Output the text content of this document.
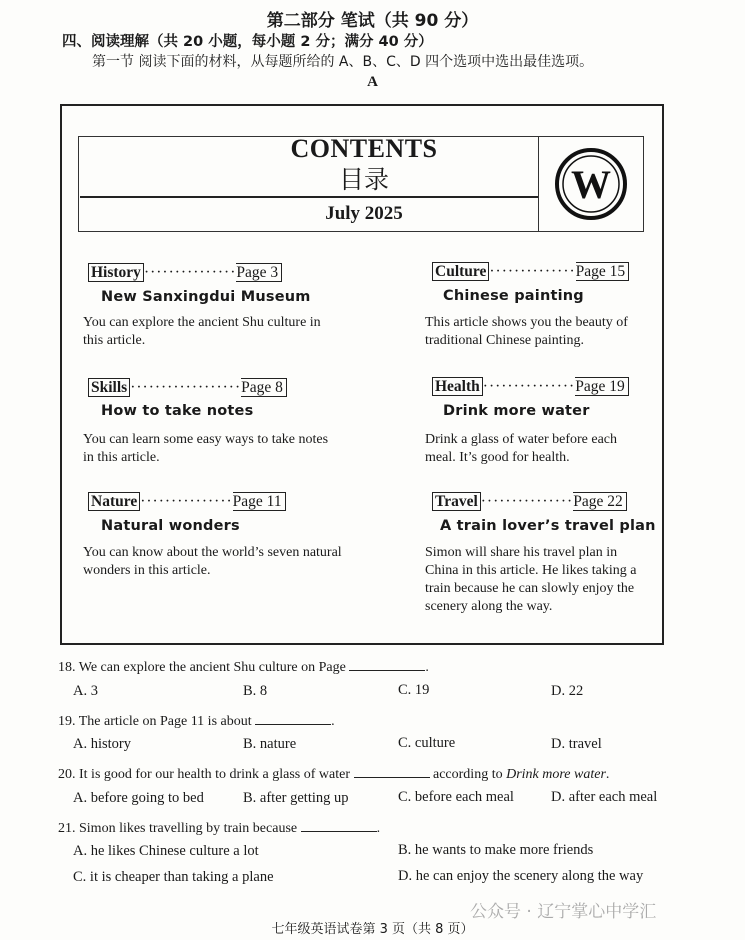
第二部分 笔试（共 90 分）
四、阅读理解（共 20 小题，每小题 2 分；满分 40 分）
第一节 阅读下面的材料，从每题所给的 A、B、C、D 四个选项中选出最佳选项。
A
CONTENTS
目录
July 2025
W
History ···············Page 3
New Sanxingdui Museum
You can explore the ancient Shu culture in
this article.
Culture ··············Page 15
Chinese painting
This article shows you the beauty of
traditional Chinese painting.
Skills ··················Page 8
How to take notes
You can learn some easy ways to take notes
in this article.
Health ···············Page 19
Drink more water
Drink a glass of water before each
meal. It’s good for health.
Nature ···············Page 11
Natural wonders
You can know about the world’s seven natural
wonders in this article.
Travel ···············Page 22
A train lover’s travel plan
Simon will share his travel plan in
China in this article. He likes taking a
train because he can slowly enjoy the
scenery along the way.
18. We can explore the ancient Shu culture on Page	.
A. 3	B. 8	C. 19	D. 22
19. The article on Page 11 is about	.
A. history	B. nature	C. culture	D. travel
20. It is good for our health to drink a glass of water	according to Drink more water.
A. before going to bed	B. after getting up	C. before each meal	D. after each meal
21. Simon likes travelling by train because	.
A. he likes Chinese culture a lot	B. he wants to make more friends
C. it is cheaper than taking a plane	D. he can enjoy the scenery along the way
公众号 · 辽宁掌心中学汇
七年级英语试卷第 3 页（共 8 页）
